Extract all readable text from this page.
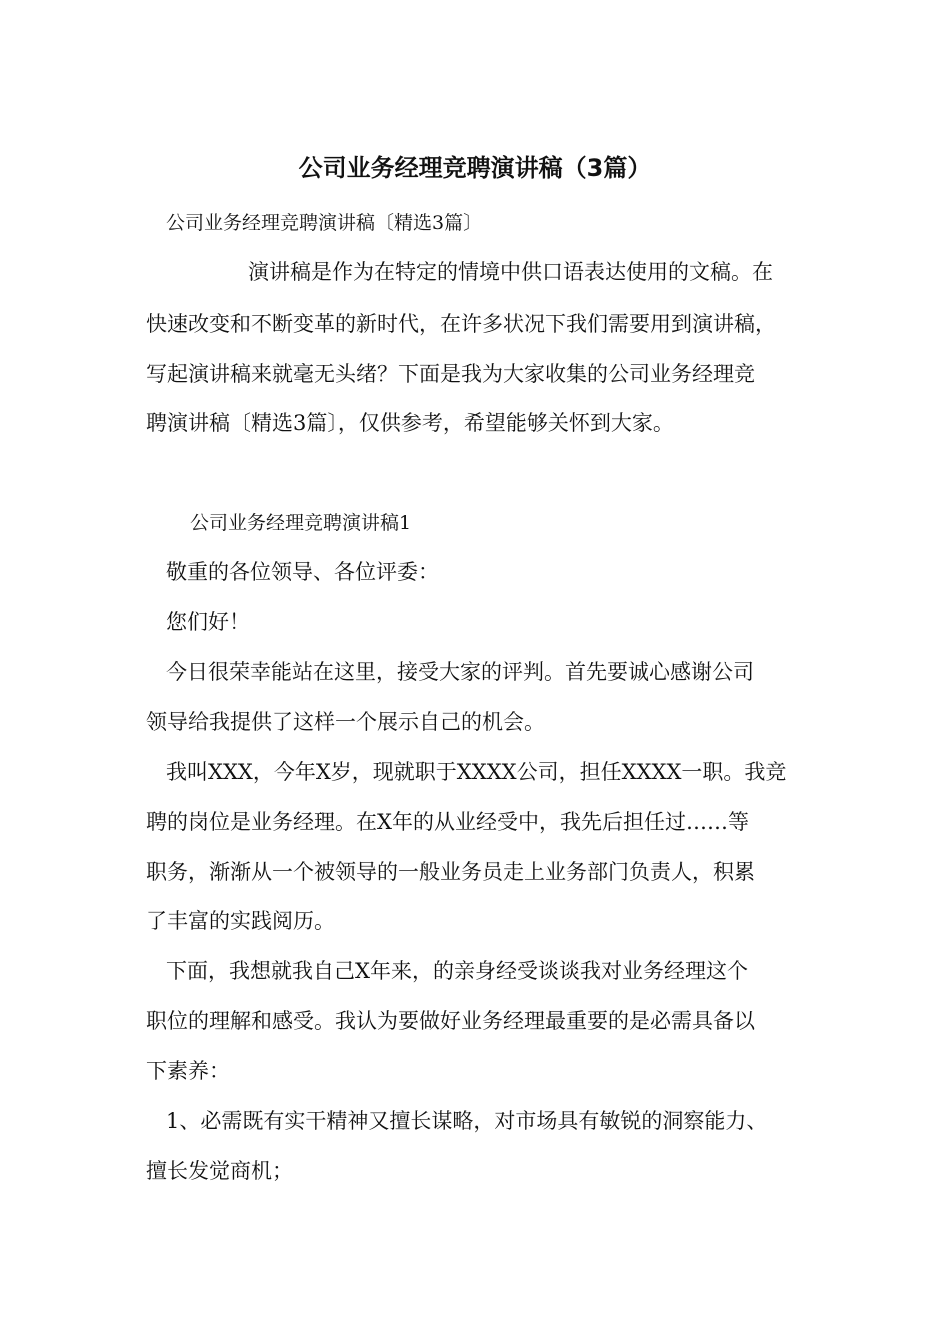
公司业务经理竞聘演讲稿（3篇）
公司业务经理竞聘演讲稿〔精选3篇〕
演讲稿是作为在特定的情境中供口语表达使用的文稿。在
快速改变和不断变革的新时代，在许多状况下我们需要用到演讲稿，
写起演讲稿来就毫无头绪？下面是我为大家收集的公司业务经理竞
聘演讲稿〔精选3篇〕，仅供参考，希望能够关怀到大家。
公司业务经理竞聘演讲稿1
敬重的各位领导、各位评委：
您们好！
今日很荣幸能站在这里，接受大家的评判。首先要诚心感谢公司
领导给我提供了这样一个展示自己的机会。
我叫XXX，今年X岁，现就职于XXXX公司，担任XXXX一职。我竞
聘的岗位是业务经理。在X年的从业经受中，我先后担任过……等
职务，渐渐从一个被领导的一般业务员走上业务部门负责人，积累
了丰富的实践阅历。
下面，我想就我自己X年来，的亲身经受谈谈我对业务经理这个
职位的理解和感受。我认为要做好业务经理最重要的是必需具备以
下素养：
1、必需既有实干精神又擅长谋略，对市场具有敏锐的洞察能力、
擅长发觉商机；
